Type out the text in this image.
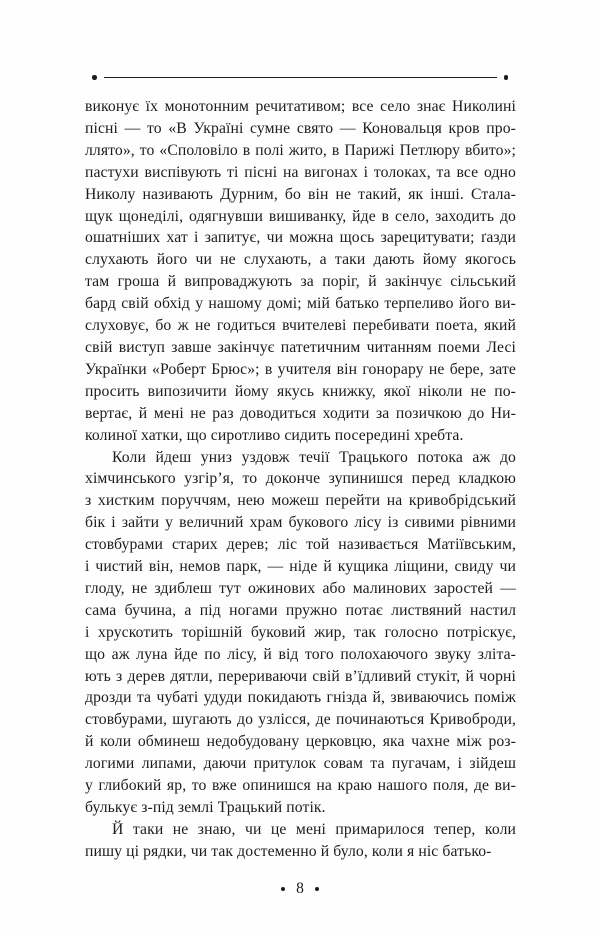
виконує їх монотонним речитативом; все село знає Николині
пісні — то «В Україні сумне свято — Коновальця кров про-
ллято», то «Споловіло в полі жито, в Парижі Петлюру вбито»;
пастухи виспівують ті пісні на вигонах і толоках, та все одно
Николу називають Дурним, бо він не такий, як інші. Стала-
щук щонеділі, одягнувши вишиванку, йде в село, заходить до
ошатніших хат і запитує, чи можна щось зарецитувати; ґазди
слухають його чи не слухають, а таки дають йому якогось
там гроша й випроваджують за поріг, й закінчує сільський
бард свій обхід у нашому домі; мій батько терпеливо його ви-
слуховує, бо ж не годиться вчителеві перебивати поета, який
свій виступ завше закінчує патетичним читанням поеми Лесі
Українки «Роберт Брюс»; в учителя він гонорару не бере, зате
просить випозичити йому якусь книжку, якої ніколи не по-
вертає, й мені не раз доводиться ходити за позичкою до Ни-
колиної хатки, що сиротливо сидить посередині хребта.
Коли йдеш униз уздовж течії Трацького потока аж до
хімчинського узгір’я, то доконче зупинишся перед кладкою
з хистким поруччям, нею можеш перейти на кривобрідський
бік і зайти у величний храм букового лісу із сивими рівними
стовбурами старих дерев; ліс той називається Матіївським,
і чистий він, немов парк, — ніде й кущика ліщини, свиду чи
глоду, не здиблеш тут ожинових або малинових заростей —
сама бучина, а під ногами пружно потає листвяний настил
і хрускотить торішній буковий жир, так голосно потріскує,
що аж луна йде по лісу, й від того полохаючого звуку зліта-
ють з дерев дятли, перериваючи свій в’їдливий стукіт, й чорні
дрозди та чубаті удуди покидають гнізда й, звиваючись поміж
стовбурами, шугають до узлісся, де починаються Кривоброди,
й коли обминеш недобудовану церковцю, яка чахне між роз-
логими липами, даючи притулок совам та пугачам, і зійдеш
у глибокий яр, то вже опинишся на краю нашого поля, де ви-
булькує з-під землі Трацький потік.
Й таки не знаю, чи це мені примарилося тепер, коли
пишу ці рядки, чи так достеменно й було, коли я ніс батько-
8
